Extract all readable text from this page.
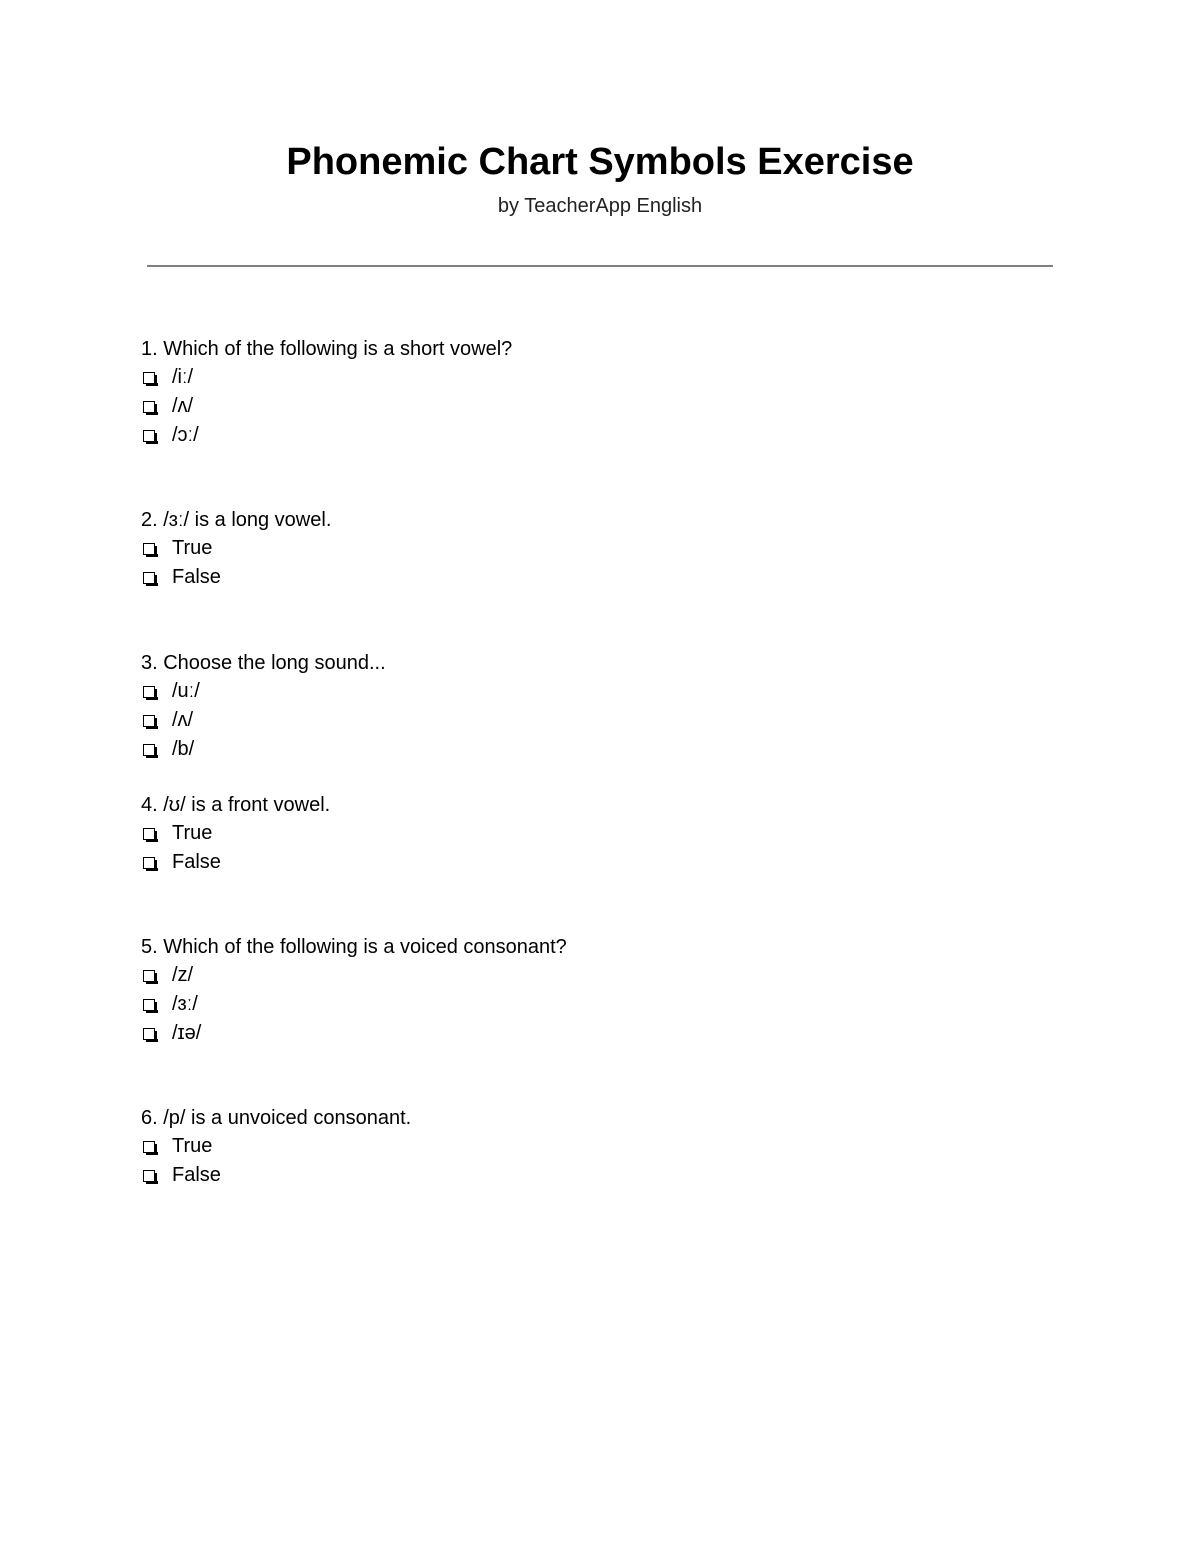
Phonemic Chart Symbols Exercise
by TeacherApp English
1. Which of the following is a short vowel?
/iː/
/ʌ/
/ɔː/
2. /ɜː/ is a long vowel.
True
False
3. Choose the long sound...
/uː/
/ʌ/
/b/
4. /ʊ/ is a front vowel.
True
False
5. Which of the following is a voiced consonant?
/z/
/ɜː/
/ɪə/
6. /p/ is a unvoiced consonant.
True
False
